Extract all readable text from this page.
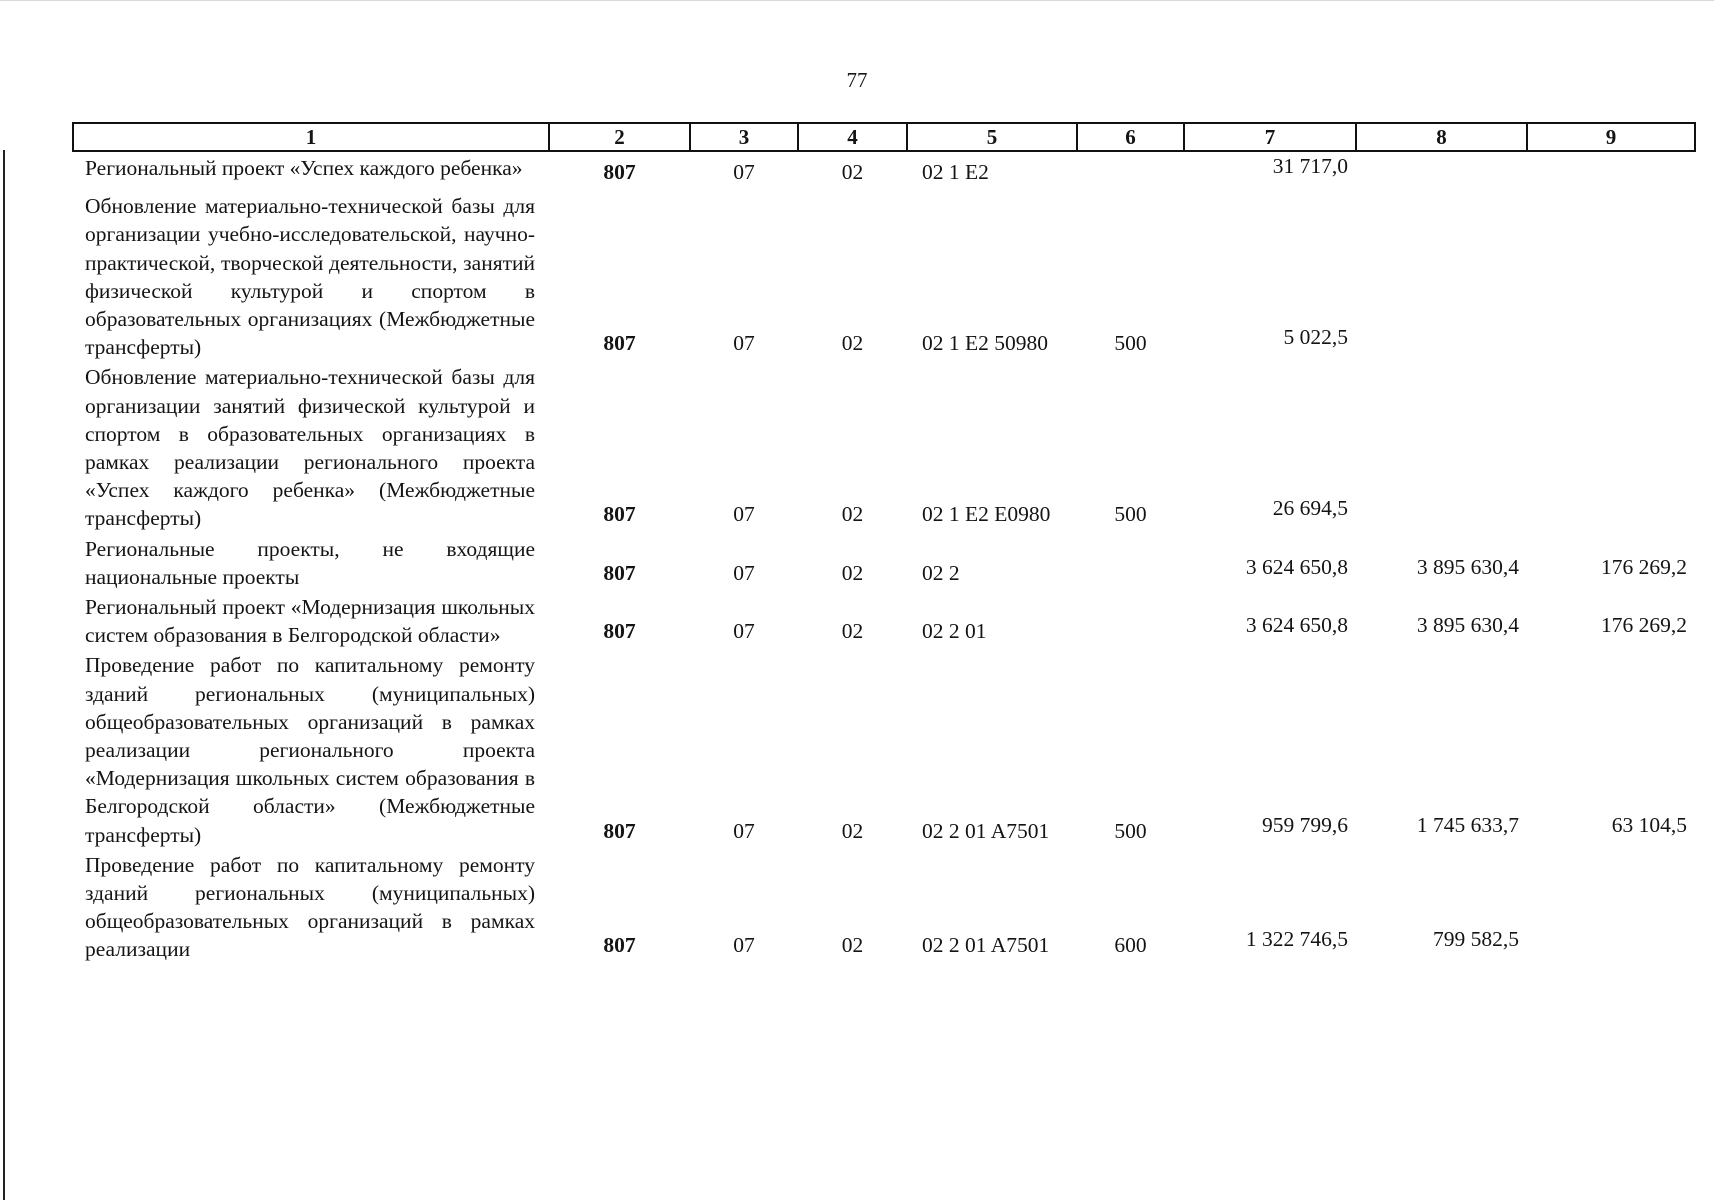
77
1	2	3	4	5	6	7	8	9
Региональный проект «Успех каждого ребенка»	807	07	02	02 1 E2		31 717,0		
Обновление материально-технической базы для организации учебно-исследовательской, научно-практической, творческой деятельности, занятий физической культурой и спортом в образовательных организациях (Межбюджетные трансферты)	807	07	02	02 1 E2 50980	500	5 022,5		
Обновление материально-технической базы для организации занятий физической культурой и спортом в образовательных организациях в рамках реализации регионального проекта «Успех каждого ребенка» (Межбюджетные трансферты)	807	07	02	02 1 E2 E0980	500	26 694,5		
Региональные проекты, не входящие национальные проекты	807	07	02	02 2		3 624 650,8	3 895 630,4	176 269,2
Региональный проект «Модернизация школьных систем образования в Белгородской области»	807	07	02	02 2 01		3 624 650,8	3 895 630,4	176 269,2
Проведение работ по капитальному ремонту зданий региональных (муниципальных) общеобразовательных организаций в рамках реализации регионального проекта «Модернизация школьных систем образования в Белгородской области» (Межбюджетные трансферты)	807	07	02	02 2 01 A7501	500	959 799,6	1 745 633,7	63 104,5
Проведение работ по капитальному ремонту зданий региональных (муниципальных) общеобразовательных организаций в рамках реализации	807	07	02	02 2 01 A7501	600	1 322 746,5	799 582,5	
